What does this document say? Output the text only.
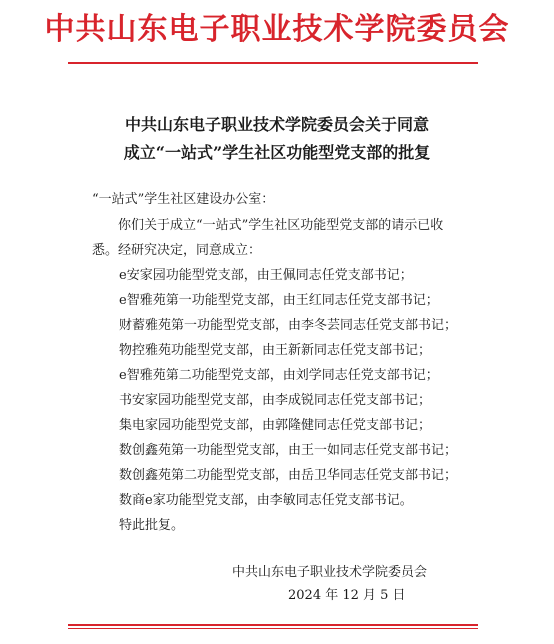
中共山东电子职业技术学院委员会
中共山东电子职业技术学院委员会关于同意
成立“一站式”学生社区功能型党支部的批复
“一站式”学生社区建设办公室：

你们关于成立“一站式”学生社区功能型党支部的请示已收

悉。经研究决定，同意成立：

e安家园功能型党支部，由王佩同志任党支部书记；

e智雅苑第一功能型党支部，由王红同志任党支部书记；

财蓄雅苑第一功能型党支部，由李冬芸同志任党支部书记；

物控雅苑功能型党支部，由王新新同志任党支部书记；

e智雅苑第二功能型党支部，由刘学同志任党支部书记；

书安家园功能型党支部，由李成锐同志任党支部书记；

集电家园功能型党支部，由郭隆健同志任党支部书记；

数创鑫苑第一功能型党支部，由王一如同志任党支部书记；

数创鑫苑第二功能型党支部，由岳卫华同志任党支部书记；

数商e家功能型党支部，由李敏同志任党支部书记。

特此批复。

中共山东电子职业技术学院委员会
2024 年 12 月 5 日
